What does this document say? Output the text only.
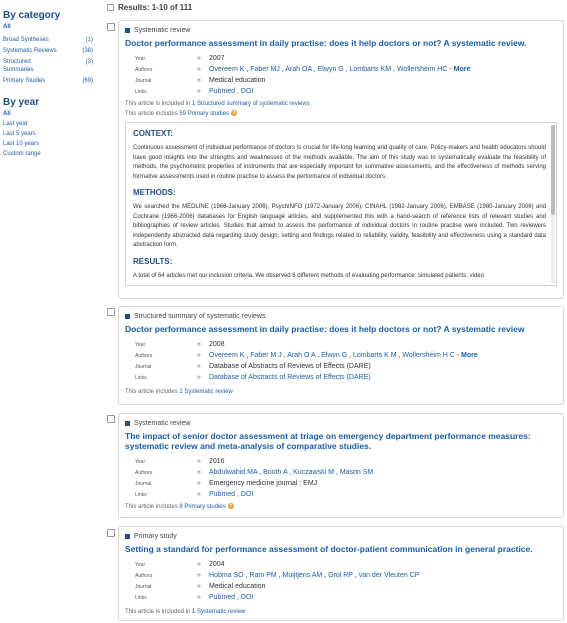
By category
All
Broad Syntheses	(1)
Systematic Reviews	(38)
Structured
Summaries
(3)
Primary Studies	(69)
By year
All
Last year
Last 5 years
Last 10 years
Custom range
Results: 1-10 of 111
Systematic review
Doctor performance assessment in daily practise: does it help doctors or not? A systematic review.
Year	»	2007
Authors	»	Overeem K , Faber MJ , Arah OA , Elwyn G , Lombarts KM , Wollersheim HC - More
Journal	»	Medical education
Links	»	Pubmed , DOI
This article is included in 1 Structured summary of systematic reviews
This article includes 59 Primary studies ?
CONTEXT:
Continuous assessment of individual performance of doctors is crucial for life-long learning and quality of care. Policy-makers and health educators should have good insights into the strengths and weaknesses of the methods available. The aim of this study was to systematically evaluate the feasibility of methods, the psychometric properties of instruments that are especially important for summative assessments, and the effectiveness of methods serving formative assessments used in routine practise to assess the performance of individual doctors.
METHODS:
We searched the MEDLINE (1966-January 2006), PsychINFO (1972-January 2006), CINAHL (1982-January 2006), EMBASE (1980-January 2006) and Cochrane (1966-2006) databases for English language articles, and supplemented this with a hand-search of reference lists of relevant studies and bibliographies of review articles. Studies that aimed to assess the performance of individual doctors in routine practise were included. Two reviewers independently abstracted data regarding study design, setting and findings related to reliability, validity, feasibility and effectiveness using a standard data abstraction form.
RESULTS:
A total of 64 articles met our inclusion criteria. We observed 6 different methods of evaluating performance: simulated patients; video
Structured summary of systematic reviews
Doctor performance assessment in daily practise: does it help doctors or not? A systematic review
Year	»	2008
Authors	»	Overeem K , Faber M J , Arah O A , Elwyn G , Lombarts K M , Wollersheim H C - More
Journal	»	Database of Abstracts of Reviews of Effects (DARE)
Links	»	Database of Abstracts of Reviews of Effects (DARE)
This article includes 1 Systematic review
Systematic review
The impact of senior doctor assessment at triage on emergency department performance measures: systematic review and meta-analysis of comparative studies.
Year	»	2016
Authors	»	Abdulwahid MA , Booth A , Kuczawski M , Mason SM
Journal	»	Emergency medicine journal : EMJ
Links	»	Pubmed , DOI
This article includes 8 Primary studies ?
Primary study
Setting a standard for performance assessment of doctor-patient communication in general practice.
Year	»	2004
Authors	»	Hobma SO , Ram PM , Muijtjens AM , Grol RP , van der Vleuten CP
Journal	»	Medical education
Links	»	Pubmed , DOI
This article is included in 1 Systematic review
